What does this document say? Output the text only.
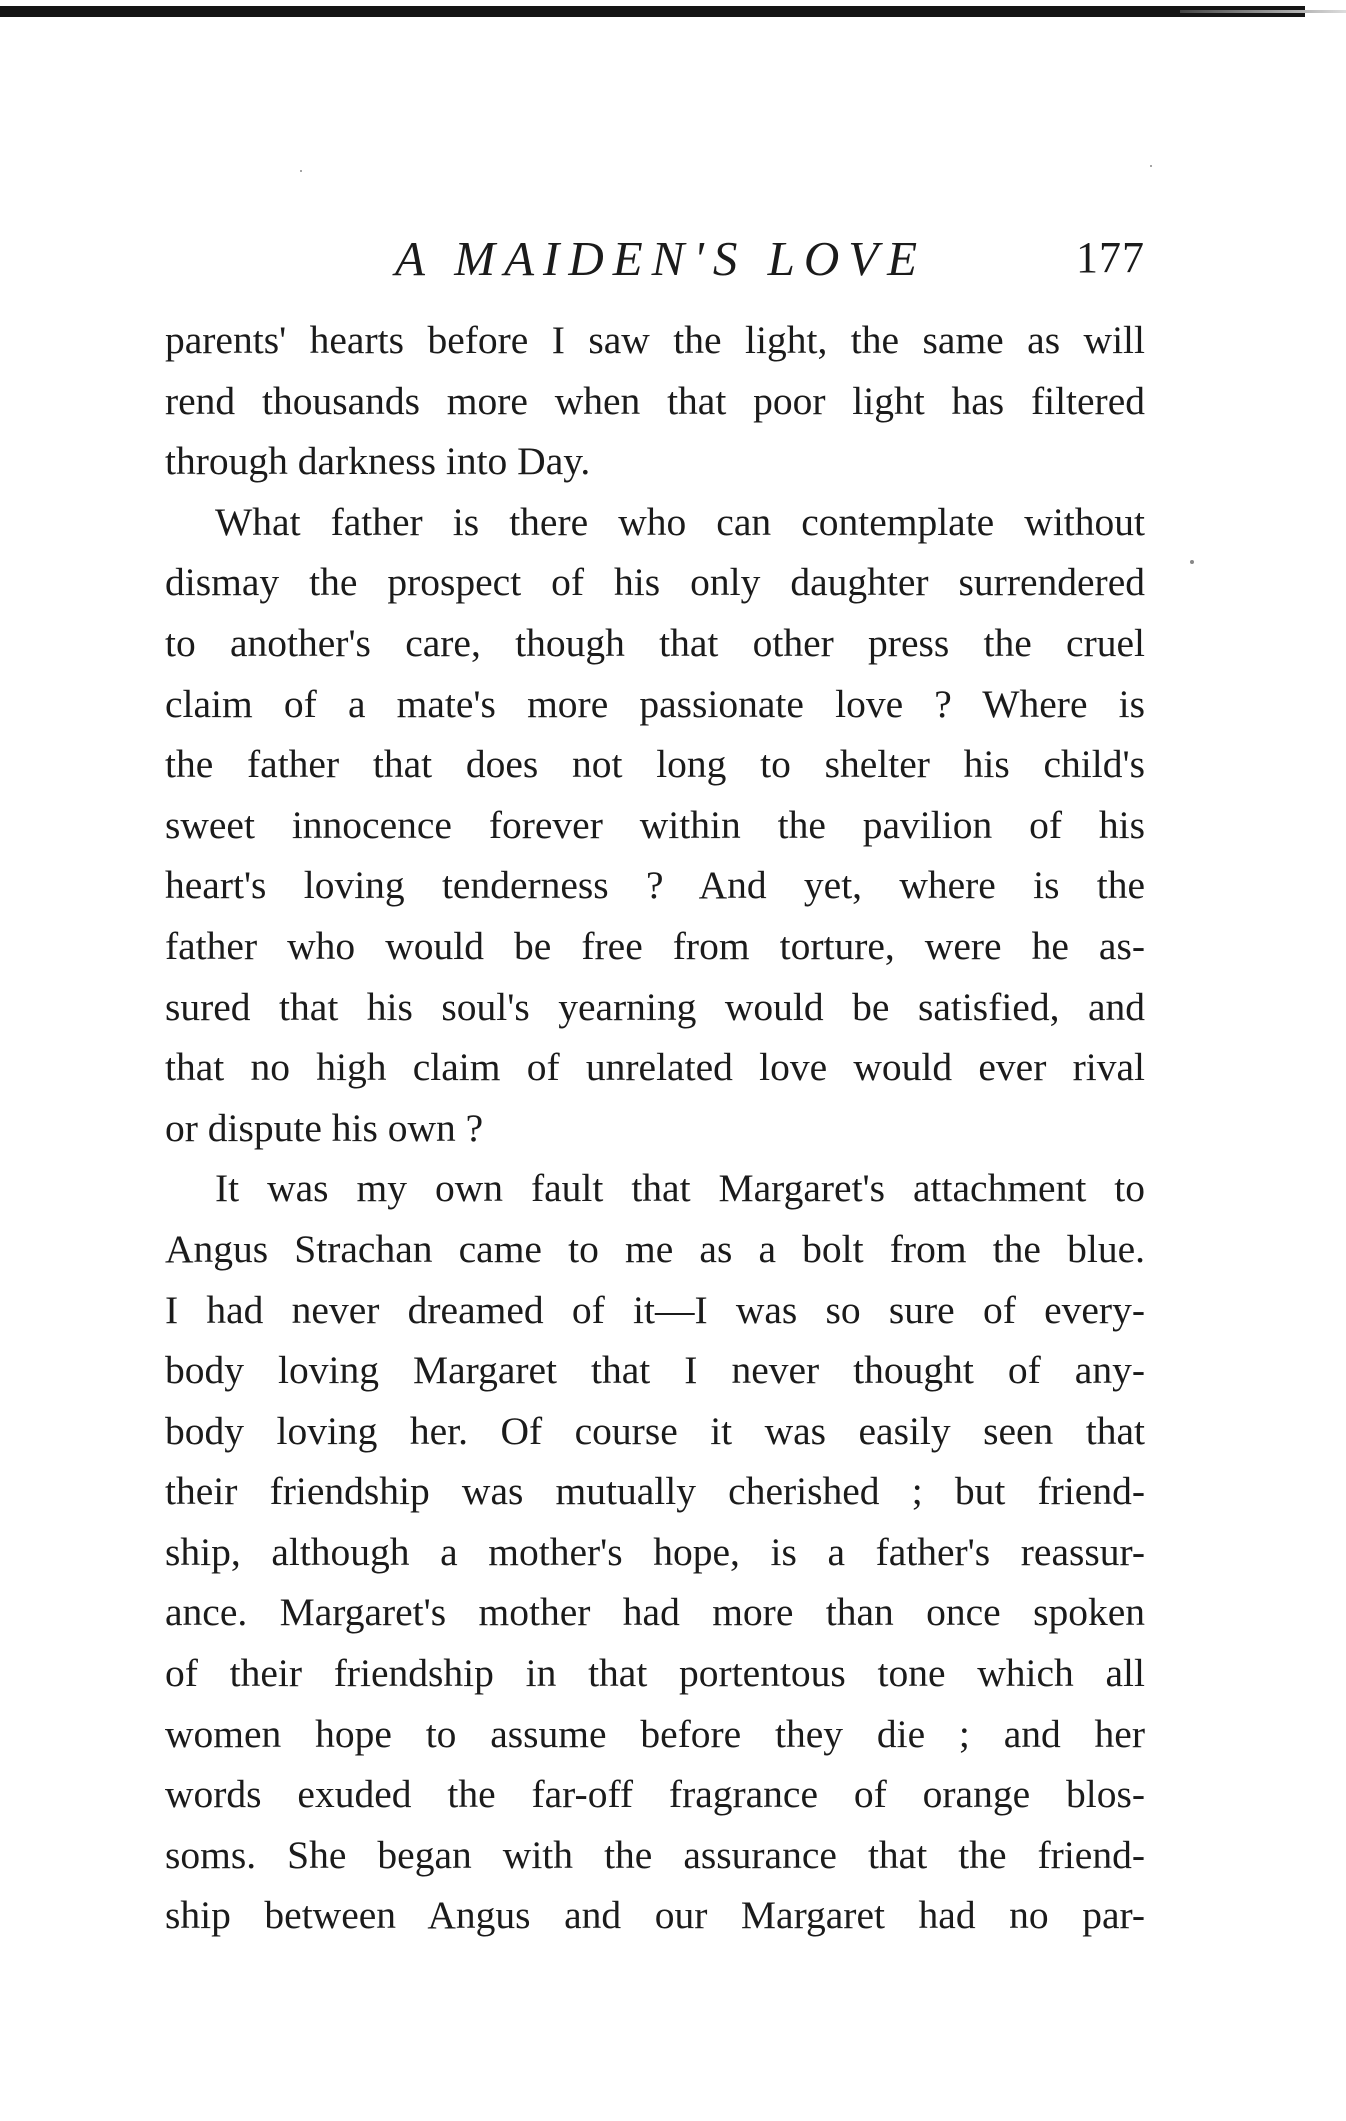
A MAIDEN'S LOVE	177

parents' hearts before I saw the light, the same as will
rend thousands more when that poor light has filtered
through darkness into Day.

What father is there who can contemplate without
dismay the prospect of his only daughter surrendered
to another's care, though that other press the cruel
claim of a mate's more passionate love ? Where is
the father that does not long to shelter his child's
sweet innocence forever within the pavilion of his
heart's loving tenderness ? And yet, where is the
father who would be free from torture, were he as-
sured that his soul's yearning would be satisfied, and
that no high claim of unrelated love would ever rival
or dispute his own ?

It was my own fault that Margaret's attachment to
Angus Strachan came to me as a bolt from the blue.
I had never dreamed of it—I was so sure of every-
body loving Margaret that I never thought of any-
body loving her. Of course it was easily seen that
their friendship was mutually cherished ; but friend-
ship, although a mother's hope, is a father's reassur-
ance. Margaret's mother had more than once spoken
of their friendship in that portentous tone which all
women hope to assume before they die ; and her
words exuded the far-off fragrance of orange blos-
soms. She began with the assurance that the friend-
ship between Angus and our Margaret had no par-
